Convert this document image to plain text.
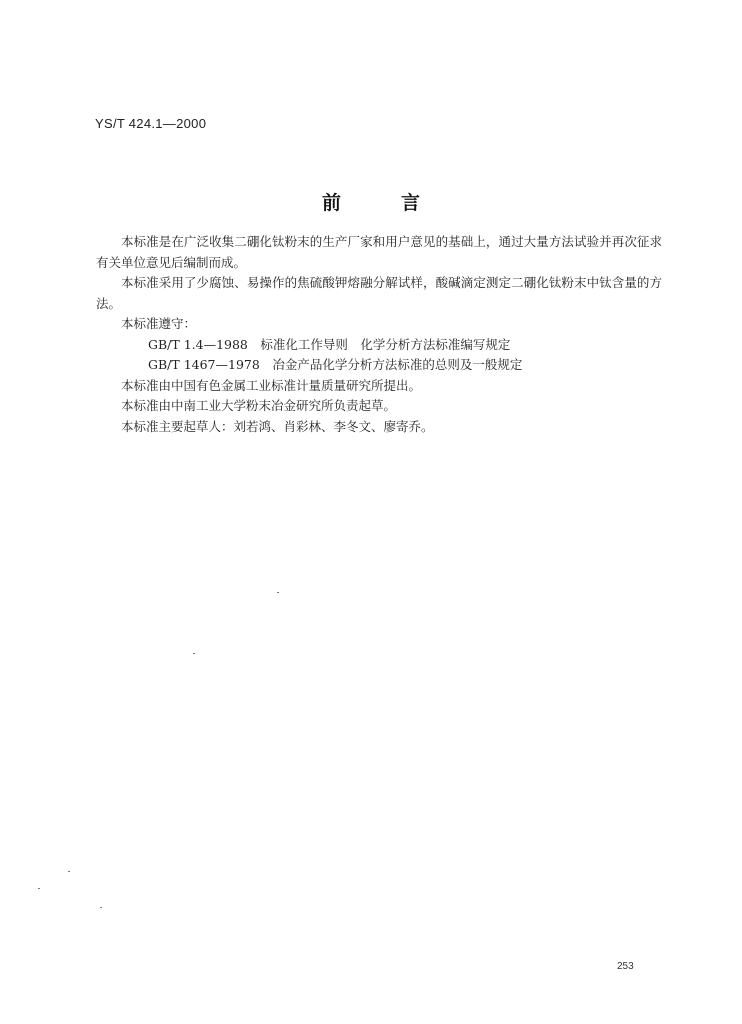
YS/T 424.1—2000
前言

本标准是在广泛收集二硼化钛粉末的生产厂家和用户意见的基础上，通过大量方法试验并再次征求有关单位意见后编制而成。

本标准采用了少腐蚀、易操作的焦硫酸钾熔融分解试样，酸碱滴定测定二硼化钛粉末中钛含量的方法。

本标准遵守：

GB/T 1.4—1988　标准化工作导则　化学分析方法标准编写规定

GB/T 1467—1978　冶金产品化学分析方法标准的总则及一般规定

本标准由中国有色金属工业标准计量质量研究所提出。

本标准由中南工业大学粉末冶金研究所负责起草。

本标准主要起草人：刘若鸿、肖彩林、李冬文、廖寄乔。

253
